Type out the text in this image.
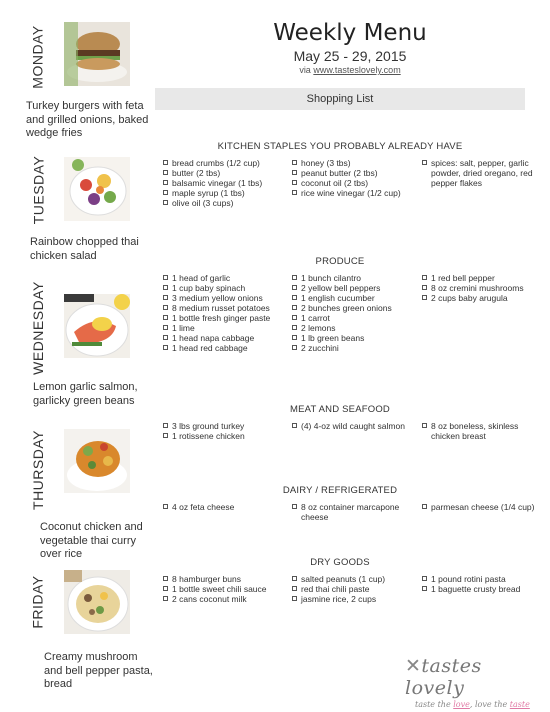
Weekly Menu
May 25 - 29, 2015
via www.tasteslovely.com
Shopping List
MONDAY
Turkey burgers with feta and grilled onions, baked wedge fries
TUESDAY
Rainbow chopped thai chicken salad
WEDNESDAY
Lemon garlic salmon, garlicky green beans
THURSDAY
Coconut chicken and vegetable thai curry over rice
FRIDAY
Creamy mushroom and bell pepper pasta, bread
KITCHEN STAPLES YOU PROBABLY ALREADY HAVE
bread crumbs (1/2 cup)
butter (2 tbs)
balsamic vinegar (1 tbs)
maple syrup (1 tbs)
olive oil (3 cups)
honey (3 tbs)
peanut butter (2 tbs)
coconut oil (2 tbs)
rice wine vinegar (1/2 cup)
spices: salt, pepper, garlic powder, dried oregano, red pepper flakes
PRODUCE
1 head of garlic
1 cup baby spinach
3 medium yellow onions
8 medium russet potatoes
1 bottle fresh ginger paste
1 lime
1 head napa cabbage
1 head red cabbage
1 bunch cilantro
2 yellow bell peppers
1 english cucumber
2 bunches green onions
1 carrot
2 lemons
1 lb green beans
2 zucchini
1 red bell pepper
8 oz cremini mushrooms
2 cups baby arugula
MEAT AND SEAFOOD
3 lbs ground turkey
1 rotissene chicken
(4) 4-oz wild caught salmon	8 oz boneless, skinless chicken breast
DAIRY / REFRIGERATED
4 oz feta cheese	8 oz container marcapone cheese
parmesan cheese (1/4 cup)
DRY GOODS
8 hamburger buns
1 bottle sweet chili sauce
2 cans coconut milk
salted peanuts (1 cup)
red thai chili paste
jasmine rice, 2 cups
1 pound rotini pasta
1 baguette crusty bread
✕tastes lovely
taste the love, love the taste
